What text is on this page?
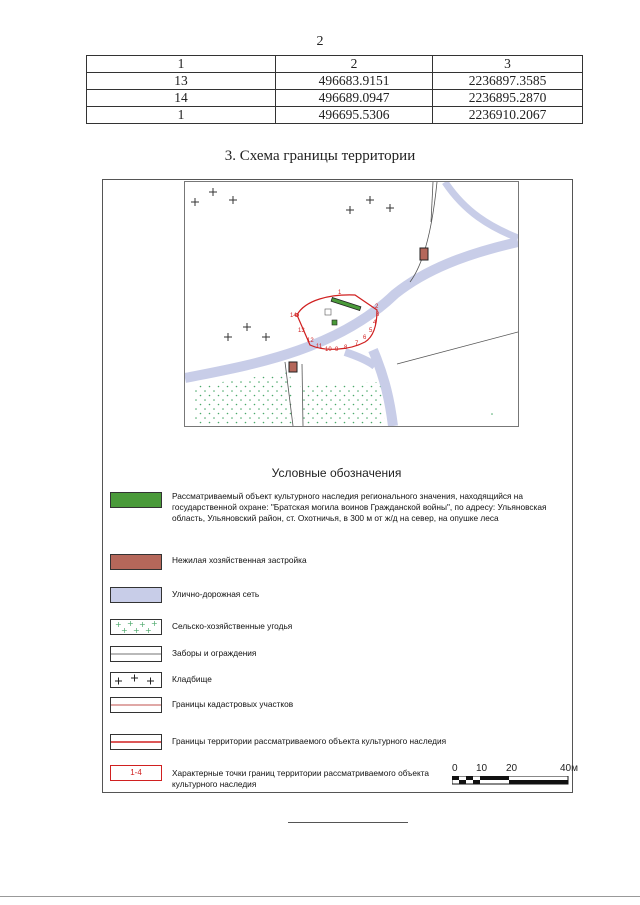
2
1	2	3
13	496683.9151	2236897.3585
14	496689.0947	2236895.2870
1	496695.5306	2236910.2067
3. Схема границы территории
1
2
3
4
5
6
7
8
9
10
11
12
13
14
Условные обозначения
Рассматриваемый объект культурного наследия регионального значения, находящийся на государственной охране: "Братская могила воинов Гражданской войны", по адресу: Ульяновская область, Ульяновский район, ст. Охотничья, в 300 м от ж/д на север, на опушке леса
Нежилая хозяйственная застройка
Улично-дорожная сеть
+ + + +
+ + + Сельско-хозяйственные угодья
Заборы и ограждения
Кладбище
Границы кадастровых участков
Границы территории рассматриваемого объекта культурного наследия
1-4	Характерные точки границ территории рассматриваемого объекта культурного наследия
0 10 20	40м
